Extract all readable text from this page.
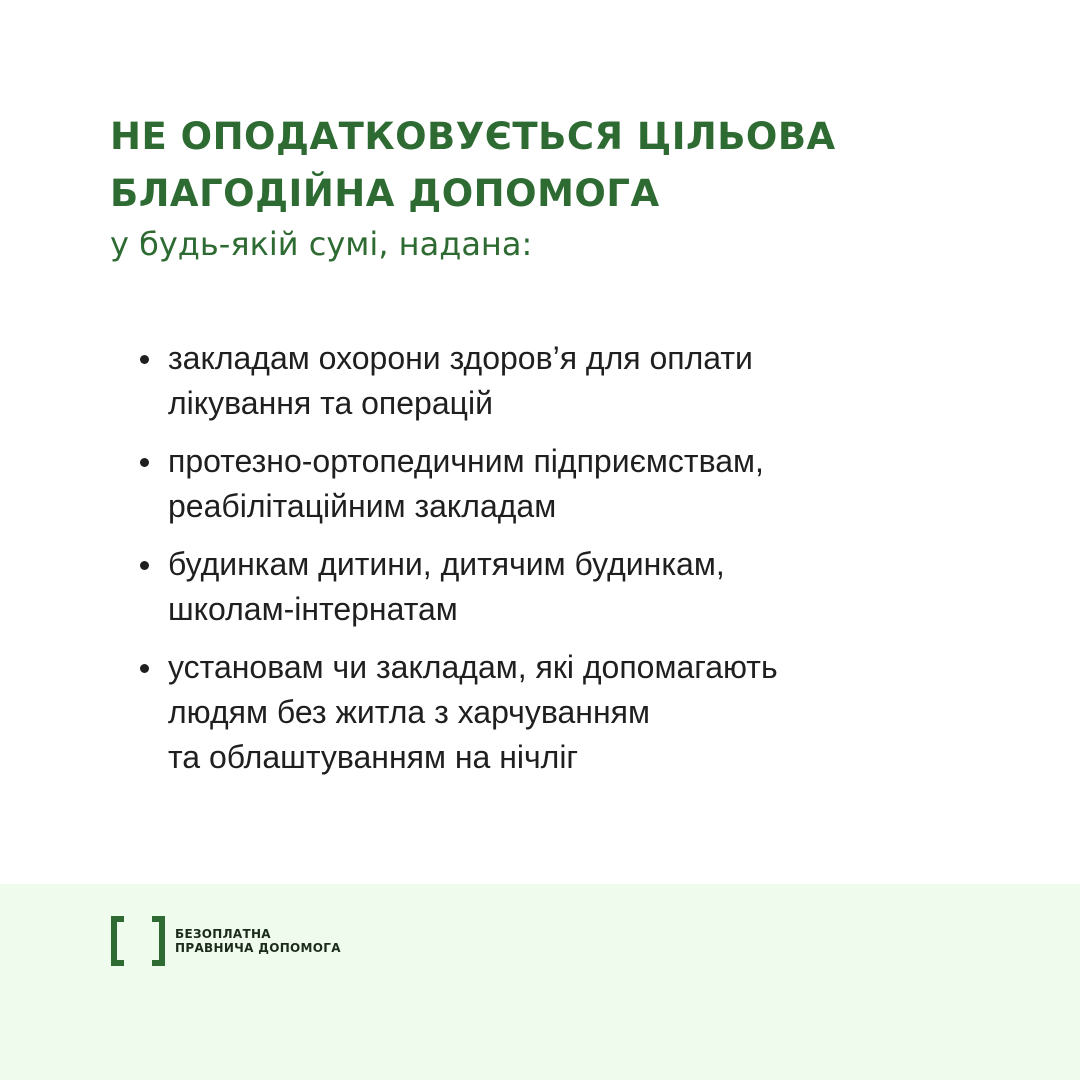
НЕ ОПОДАТКОВУЄТЬСЯ ЦІЛЬОВА
БЛАГОДІЙНА ДОПОМОГА

у будь-якій сумі, надана:

закладам охорони здоров’я для оплати
лікування та операцій
протезно-ортопедичним підприємствам,
реабілітаційним закладам
будинкам дитини, дитячим будинкам,
школам-інтернатам
установам чи закладам, які допомагають
людям без житла з харчуванням
та облаштуванням на нічліг
БЕЗОПЛАТНА
ПРАВНИЧА ДОПОМОГА
